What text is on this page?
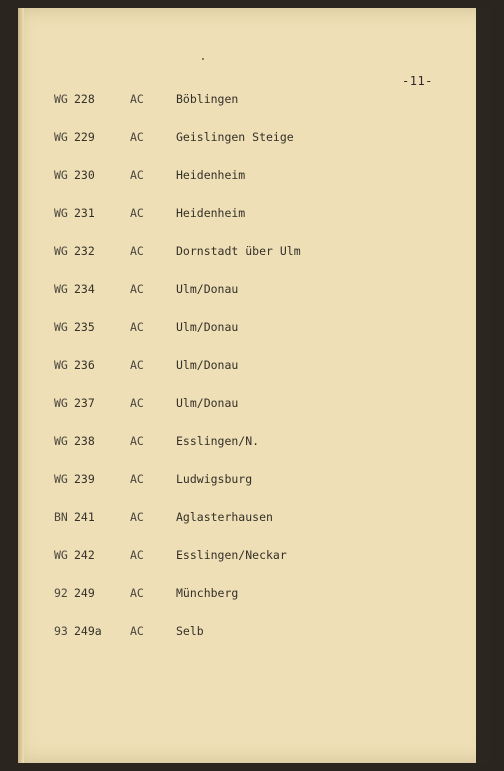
-11-
WG 228	AC	Böblingen
WG 229	AC	Geislingen Steige
WG 230	AC	Heidenheim
WG 231	AC	Heidenheim
WG 232	AC	Dornstadt über Ulm
WG 234	AC	Ulm/Donau
WG 235	AC	Ulm/Donau
WG 236	AC	Ulm/Donau
WG 237	AC	Ulm/Donau
WG 238	AC	Esslingen/N.
WG 239	AC	Ludwigsburg
BN 241	AC	Aglasterhausen
WG 242	AC	Esslingen/Neckar
92 249	AC	Münchberg
93 249a AC	Selb
